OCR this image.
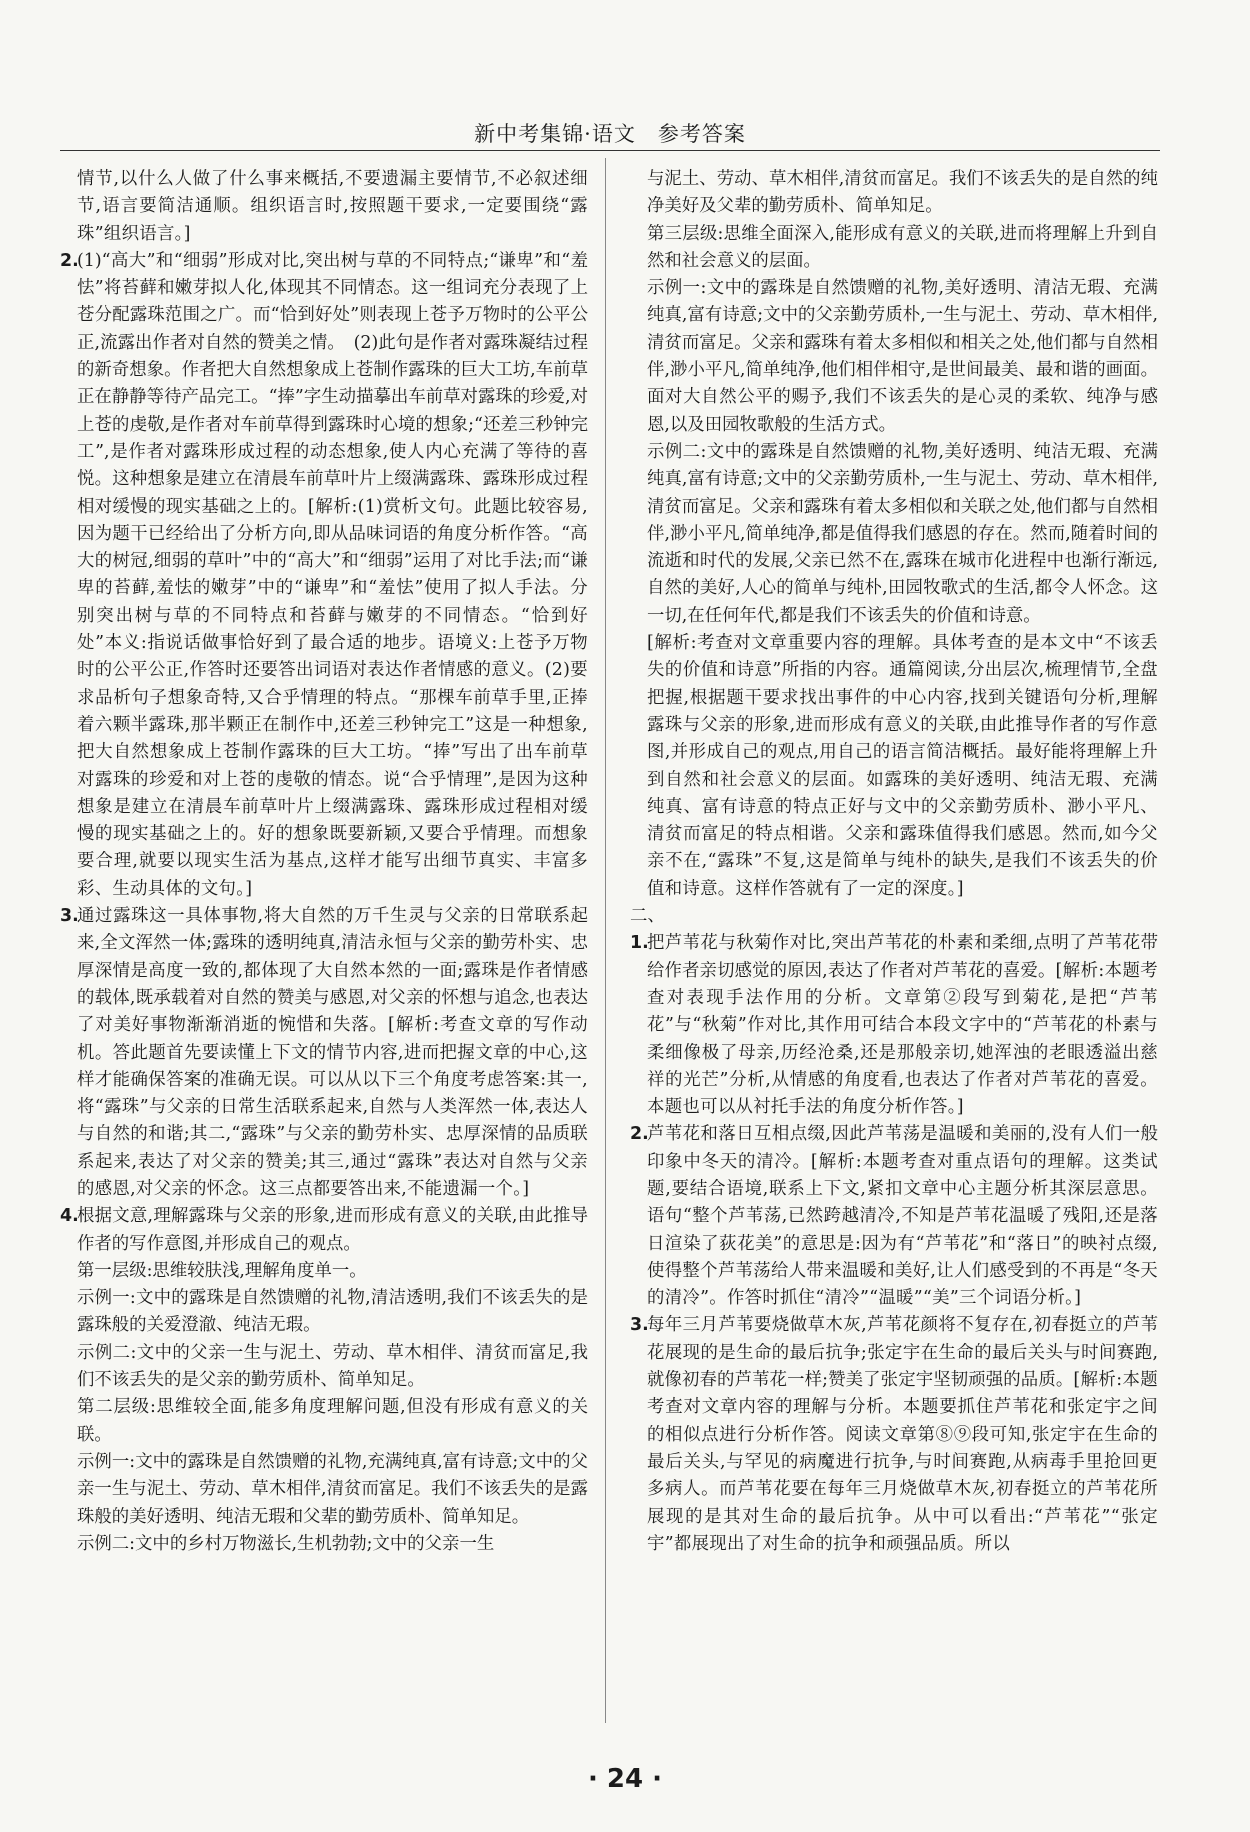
新中考集锦·语文　参考答案

情节,以什么人做了什么事来概括,不要遗漏主要情节,不必叙述细节,语言要简洁通顺。组织语言时,按照题干要求,一定要围绕“露珠”组织语言。]

2.
(1)“高大”和“细弱”形成对比,突出树与草的不同特点;“谦卑”和“羞怯”将苔藓和嫩芽拟人化,体现其不同情态。这一组词充分表现了上苍分配露珠范围之广。而“恰到好处”则表现上苍予万物时的公平公正,流露出作者对自然的赞美之情。　(2)此句是作者对露珠凝结过程的新奇想象。作者把大自然想象成上苍制作露珠的巨大工坊,车前草正在静静等待产品完工。“捧”字生动描摹出车前草对露珠的珍爱,对上苍的虔敬,是作者对车前草得到露珠时心境的想象;“还差三秒钟完工”,是作者对露珠形成过程的动态想象,使人内心充满了等待的喜悦。这种想象是建立在清晨车前草叶片上缀满露珠、露珠形成过程相对缓慢的现实基础之上的。[解析:(1)赏析文句。此题比较容易,因为题干已经给出了分析方向,即从品味词语的角度分析作答。“高大的树冠,细弱的草叶”中的“高大”和“细弱”运用了对比手法;而“谦卑的苔藓,羞怯的嫩芽”中的“谦卑”和“羞怯”使用了拟人手法。分别突出树与草的不同特点和苔藓与嫩芽的不同情态。“恰到好处”本义:指说话做事恰好到了最合适的地步。语境义:上苍予万物时的公平公正,作答时还要答出词语对表达作者情感的意义。(2)要求品析句子想象奇特,又合乎情理的特点。“那棵车前草手里,正捧着六颗半露珠,那半颗正在制作中,还差三秒钟完工”这是一种想象,把大自然想象成上苍制作露珠的巨大工坊。“捧”写出了出车前草对露珠的珍爱和对上苍的虔敬的情态。说“合乎情理”,是因为这种想象是建立在清晨车前草叶片上缀满露珠、露珠形成过程相对缓慢的现实基础之上的。好的想象既要新颖,又要合乎情理。而想象要合理,就要以现实生活为基点,这样才能写出细节真实、丰富多彩、生动具体的文句。]
3.
通过露珠这一具体事物,将大自然的万千生灵与父亲的日常联系起来,全文浑然一体;露珠的透明纯真,清洁永恒与父亲的勤劳朴实、忠厚深情是高度一致的,都体现了大自然本然的一面;露珠是作者情感的载体,既承载着对自然的赞美与感恩,对父亲的怀想与追念,也表达了对美好事物渐渐消逝的惋惜和失落。[解析:考查文章的写作动机。答此题首先要读懂上下文的情节内容,进而把握文章的中心,这样才能确保答案的准确无误。可以从以下三个角度考虑答案:其一,将“露珠”与父亲的日常生活联系起来,自然与人类浑然一体,表达人与自然的和谐;其二,“露珠”与父亲的勤劳朴实、忠厚深情的品质联系起来,表达了对父亲的赞美;其三,通过“露珠”表达对自然与父亲的感恩,对父亲的怀念。这三点都要答出来,不能遗漏一个。]
4.
根据文意,理解露珠与父亲的形象,进而形成有意义的关联,由此推导作者的写作意图,并形成自己的观点。

第一层级:思维较肤浅,理解角度单一。

示例一:文中的露珠是自然馈赠的礼物,清洁透明,我们不该丢失的是露珠般的关爱澄澈、纯洁无瑕。

示例二:文中的父亲一生与泥土、劳动、草木相伴、清贫而富足,我们不该丢失的是父亲的勤劳质朴、简单知足。

第二层级:思维较全面,能多角度理解问题,但没有形成有意义的关联。

示例一:文中的露珠是自然馈赠的礼物,充满纯真,富有诗意;文中的父亲一生与泥土、劳动、草木相伴,清贫而富足。我们不该丢失的是露珠般的美好透明、纯洁无瑕和父辈的勤劳质朴、简单知足。

示例二:文中的乡村万物滋长,生机勃勃;文中的父亲一生

与泥土、劳动、草木相伴,清贫而富足。我们不该丢失的是自然的纯净美好及父辈的勤劳质朴、简单知足。

第三层级:思维全面深入,能形成有意义的关联,进而将理解上升到自然和社会意义的层面。

示例一:文中的露珠是自然馈赠的礼物,美好透明、清洁无瑕、充满纯真,富有诗意;文中的父亲勤劳质朴,一生与泥土、劳动、草木相伴,清贫而富足。父亲和露珠有着太多相似和相关之处,他们都与自然相伴,渺小平凡,简单纯净,他们相伴相守,是世间最美、最和谐的画面。面对大自然公平的赐予,我们不该丢失的是心灵的柔软、纯净与感恩,以及田园牧歌般的生活方式。

示例二:文中的露珠是自然馈赠的礼物,美好透明、纯洁无瑕、充满纯真,富有诗意;文中的父亲勤劳质朴,一生与泥土、劳动、草木相伴,清贫而富足。父亲和露珠有着太多相似和关联之处,他们都与自然相伴,渺小平凡,简单纯净,都是值得我们感恩的存在。然而,随着时间的流逝和时代的发展,父亲已然不在,露珠在城市化进程中也渐行渐远,自然的美好,人心的简单与纯朴,田园牧歌式的生活,都令人怀念。这一切,在任何年代,都是我们不该丢失的价值和诗意。

[解析:考查对文章重要内容的理解。具体考查的是本文中“不该丢失的价值和诗意”所指的内容。通篇阅读,分出层次,梳理情节,全盘把握,根据题干要求找出事件的中心内容,找到关键语句分析,理解露珠与父亲的形象,进而形成有意义的关联,由此推导作者的写作意图,并形成自己的观点,用自己的语言简洁概括。最好能将理解上升到自然和社会意义的层面。如露珠的美好透明、纯洁无瑕、充满纯真、富有诗意的特点正好与文中的父亲勤劳质朴、渺小平凡、清贫而富足的特点相谐。父亲和露珠值得我们感恩。然而,如今父亲不在,“露珠”不复,这是简单与纯朴的缺失,是我们不该丢失的价值和诗意。这样作答就有了一定的深度。]

二、

1.
把芦苇花与秋菊作对比,突出芦苇花的朴素和柔细,点明了芦苇花带给作者亲切感觉的原因,表达了作者对芦苇花的喜爱。[解析:本题考查对表现手法作用的分析。文章第②段写到菊花,是把“芦苇花”与“秋菊”作对比,其作用可结合本段文字中的“芦苇花的朴素与柔细像极了母亲,历经沧桑,还是那般亲切,她浑浊的老眼透溢出慈祥的光芒”分析,从情感的角度看,也表达了作者对芦苇花的喜爱。本题也可以从衬托手法的角度分析作答。]
2.
芦苇花和落日互相点缀,因此芦苇荡是温暖和美丽的,没有人们一般印象中冬天的清冷。[解析:本题考查对重点语句的理解。这类试题,要结合语境,联系上下文,紧扣文章中心主题分析其深层意思。语句“整个芦苇荡,已然跨越清冷,不知是芦苇花温暖了残阳,还是落日渲染了荻花美”的意思是:因为有“芦苇花”和“落日”的映衬点缀,使得整个芦苇荡给人带来温暖和美好,让人们感受到的不再是“冬天的清冷”。作答时抓住“清冷”“温暖”“美”三个词语分析。]
3.
每年三月芦苇要烧做草木灰,芦苇花颜将不复存在,初春挺立的芦苇花展现的是生命的最后抗争;张定宇在生命的最后关头与时间赛跑,就像初春的芦苇花一样;赞美了张定宇坚韧顽强的品质。[解析:本题考查对文章内容的理解与分析。本题要抓住芦苇花和张定宇之间的相似点进行分析作答。阅读文章第⑧⑨段可知,张定宇在生命的最后关头,与罕见的病魔进行抗争,与时间赛跑,从病毒手里抢回更多病人。而芦苇花要在每年三月烧做草木灰,初春挺立的芦苇花所展现的是其对生命的最后抗争。从中可以看出:“芦苇花”“张定宇”都展现出了对生命的抗争和顽强品质。所以
· 24 ·
